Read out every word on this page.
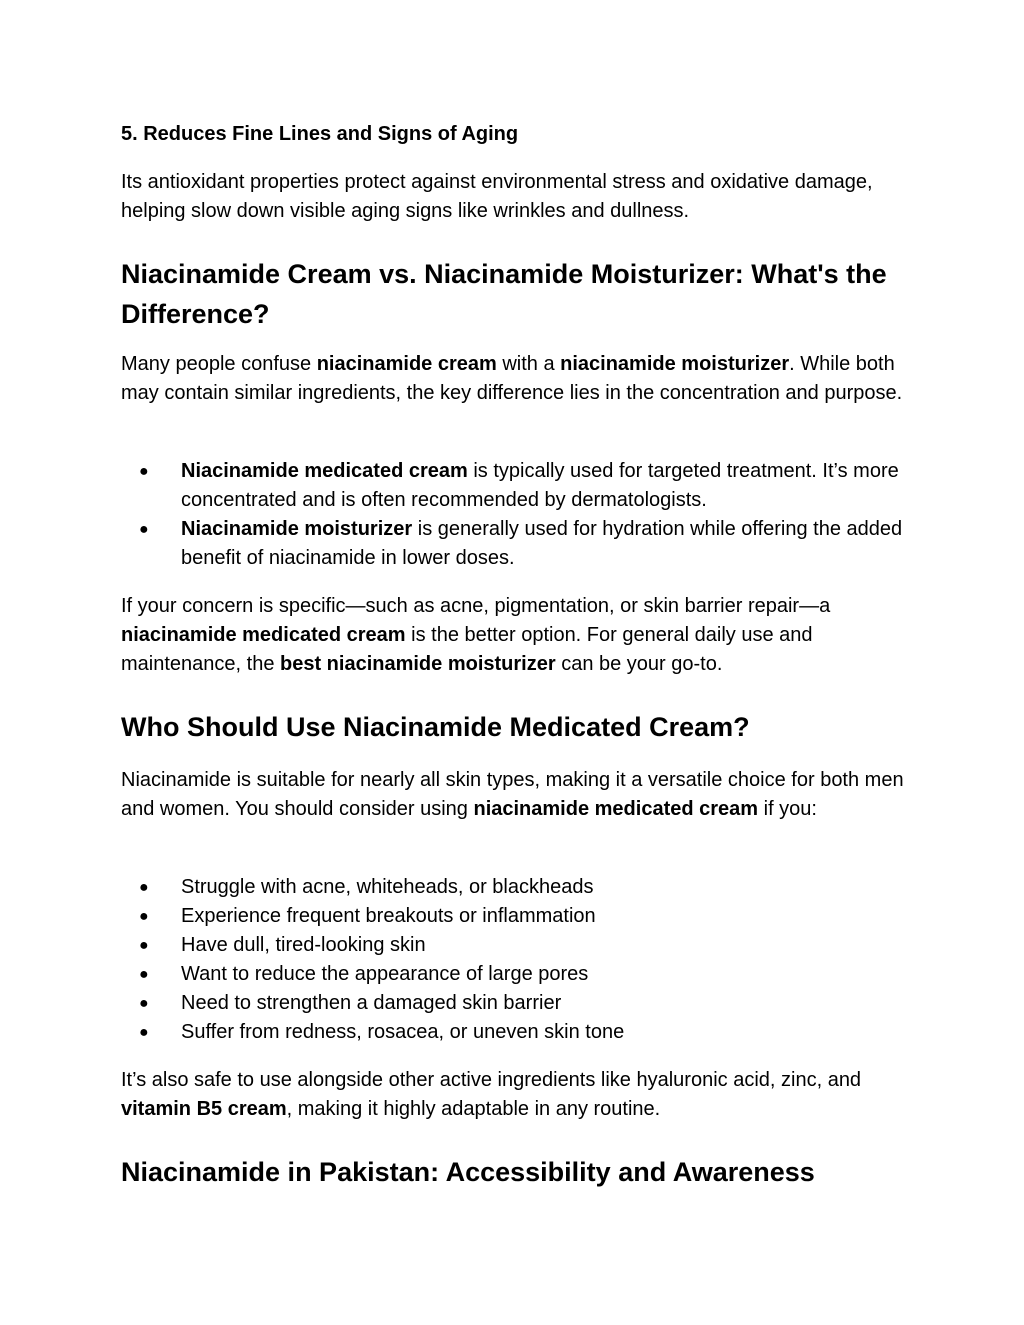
5. Reduces Fine Lines and Signs of Aging

Its antioxidant properties protect against environmental stress and oxidative damage, helping slow down visible aging signs like wrinkles and dullness.

Niacinamide Cream vs. Niacinamide Moisturizer: What's the Difference?

Many people confuse niacinamide cream with a niacinamide moisturizer. While both may contain similar ingredients, the key difference lies in the concentration and purpose.

● Niacinamide medicated cream is typically used for targeted treatment. It’s more concentrated and is often recommended by dermatologists.
● Niacinamide moisturizer is generally used for hydration while offering the added benefit of niacinamide in lower doses.

If your concern is specific—such as acne, pigmentation, or skin barrier repair—a niacinamide medicated cream is the better option. For general daily use and maintenance, the best niacinamide moisturizer can be your go-to.

Who Should Use Niacinamide Medicated Cream?

Niacinamide is suitable for nearly all skin types, making it a versatile choice for both men and women. You should consider using niacinamide medicated cream if you:

● Struggle with acne, whiteheads, or blackheads
● Experience frequent breakouts or inflammation
● Have dull, tired-looking skin
● Want to reduce the appearance of large pores
● Need to strengthen a damaged skin barrier
● Suffer from redness, rosacea, or uneven skin tone

It’s also safe to use alongside other active ingredients like hyaluronic acid, zinc, and vitamin B5 cream, making it highly adaptable in any routine.

Niacinamide in Pakistan: Accessibility and Awareness
